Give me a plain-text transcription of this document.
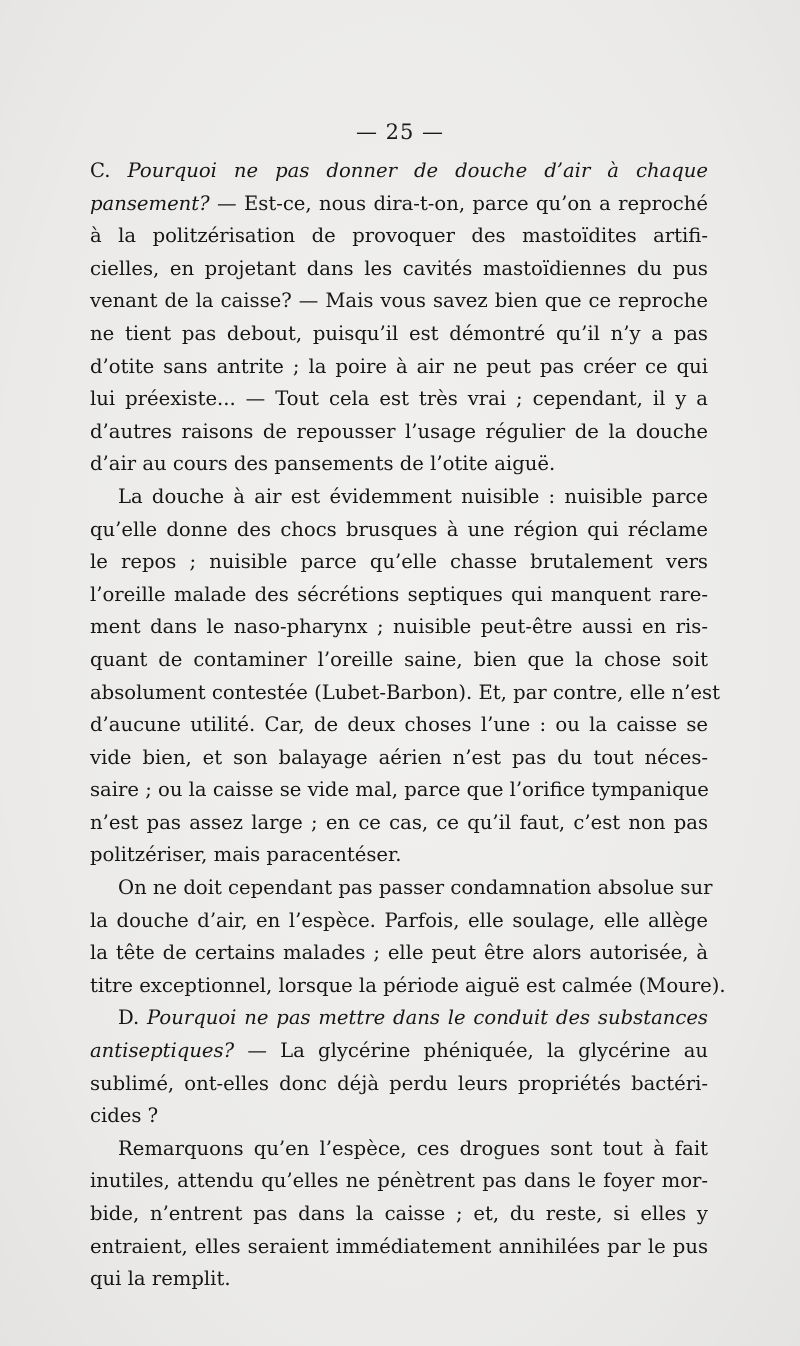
— 25 —
C. Pourquoi ne pas donner de douche d’air à chaque
pansement? — Est-ce, nous dira-t-on, parce qu’on a reproché
à la politzérisation de provoquer des mastoïdites artifi-
cielles, en projetant dans les cavités mastoïdiennes du pus
venant de la caisse? — Mais vous savez bien que ce reproche
ne tient pas debout, puisqu’il est démontré qu’il n’y a pas
d’otite sans antrite ; la poire à air ne peut pas créer ce qui
lui préexiste... — Tout cela est très vrai ; cependant, il y a
d’autres raisons de repousser l’usage régulier de la douche
d’air au cours des pansements de l’otite aiguë.
La douche à air est évidemment nuisible : nuisible parce
qu’elle donne des chocs brusques à une région qui réclame
le repos ; nuisible parce qu’elle chasse brutalement vers
l’oreille malade des sécrétions septiques qui manquent rare-
ment dans le naso-pharynx ; nuisible peut-être aussi en ris-
quant de contaminer l’oreille saine, bien que la chose soit
absolument contestée (Lubet-Barbon). Et, par contre, elle n’est
d’aucune utilité. Car, de deux choses l’une : ou la caisse se
vide bien, et son balayage aérien n’est pas du tout néces-
saire ; ou la caisse se vide mal, parce que l’orifice tympanique
n’est pas assez large ; en ce cas, ce qu’il faut, c’est non pas
politzériser, mais paracentéser.
On ne doit cependant pas passer condamnation absolue sur
la douche d’air, en l’espèce. Parfois, elle soulage, elle allège
la tête de certains malades ; elle peut être alors autorisée, à
titre exceptionnel, lorsque la période aiguë est calmée (Moure).
D. Pourquoi ne pas mettre dans le conduit des substances
antiseptiques? — La glycérine phéniquée, la glycérine au
sublimé, ont-elles donc déjà perdu leurs propriétés bactéri-
cides ?
Remarquons qu’en l’espèce, ces drogues sont tout à fait
inutiles, attendu qu’elles ne pénètrent pas dans le foyer mor-
bide, n’entrent pas dans la caisse ; et, du reste, si elles y
entraient, elles seraient immédiatement annihilées par le pus
qui la remplit.
